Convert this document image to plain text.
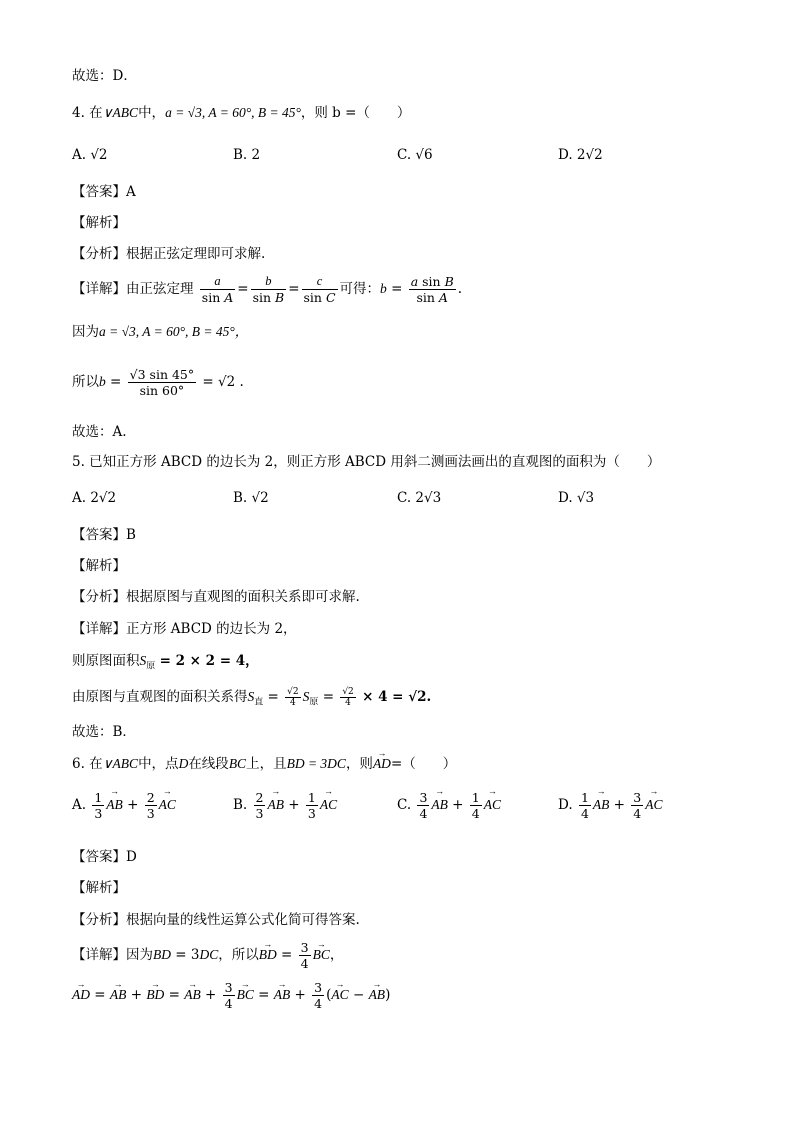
故选：D．
4. 在∨ABC中，a = √3, A = 60°, B = 45°，则 b =（　　）
A. √2	B. 2	C. √6	D. 2√2
【答案】A
【解析】
【分析】根据正弦定理即可求解.
【详解】由正弦定理 $\frac{a}{\text{sin A}} = \frac{b}{\text{sin B}} = \frac{c}{\text{sin C}}$ 可得：$b = \frac{\text{a sin B}}{\text{sin A}}$ .
因为a = √3, A = 60°, B = 45°，
所以$b = \frac{√3 \sin 45^\circ}{\sin 60^\circ} = √2$ .
故选：A.
5. 已知正方形 ABCD 的边长为 2，则正方形 ABCD 用斜二测画法画出的直观图的面积为（　　）
A. 2√2	B. √2	C. 2√3	D. √3
【答案】B
【解析】
【分析】根据原图与直观图的面积关系即可求解.
【详解】正方形 ABCD 的边长为 2，
则原图面积$S_原 = 2 \times 2 = 4$，
由原图与直观图的面积关系得$S_直 = \frac{√2}{4} S_原 = \frac{√2}{4} \times 4 = √2$.
故选：B．
6. 在∨ABC中，点D在线段BC上，且BD = 3DC，则→ AD=（　　）
A. $\frac{1}{3}$ → AB + $\frac{2}{3}$ → AC	B. $\frac{2}{3}$ → AB + $\frac{1}{3}$ → AC	C. $\frac{3}{4}$ → AB + $\frac{1}{4}$ → AC	D. $\frac{1}{4}$ → AB + $\frac{3}{4}$ → AC
【答案】D
【解析】
【分析】根据向量的线性运算公式化简可得答案.
【详解】因为BD = 3DC，所以→ BD = $\frac{3}{4}$ → BC，
→ AD = → AB + → BD = → AB + $\frac{3}{4}$ → BC = → AB + $\frac{3}{4}$ (→ AC − → AB)
